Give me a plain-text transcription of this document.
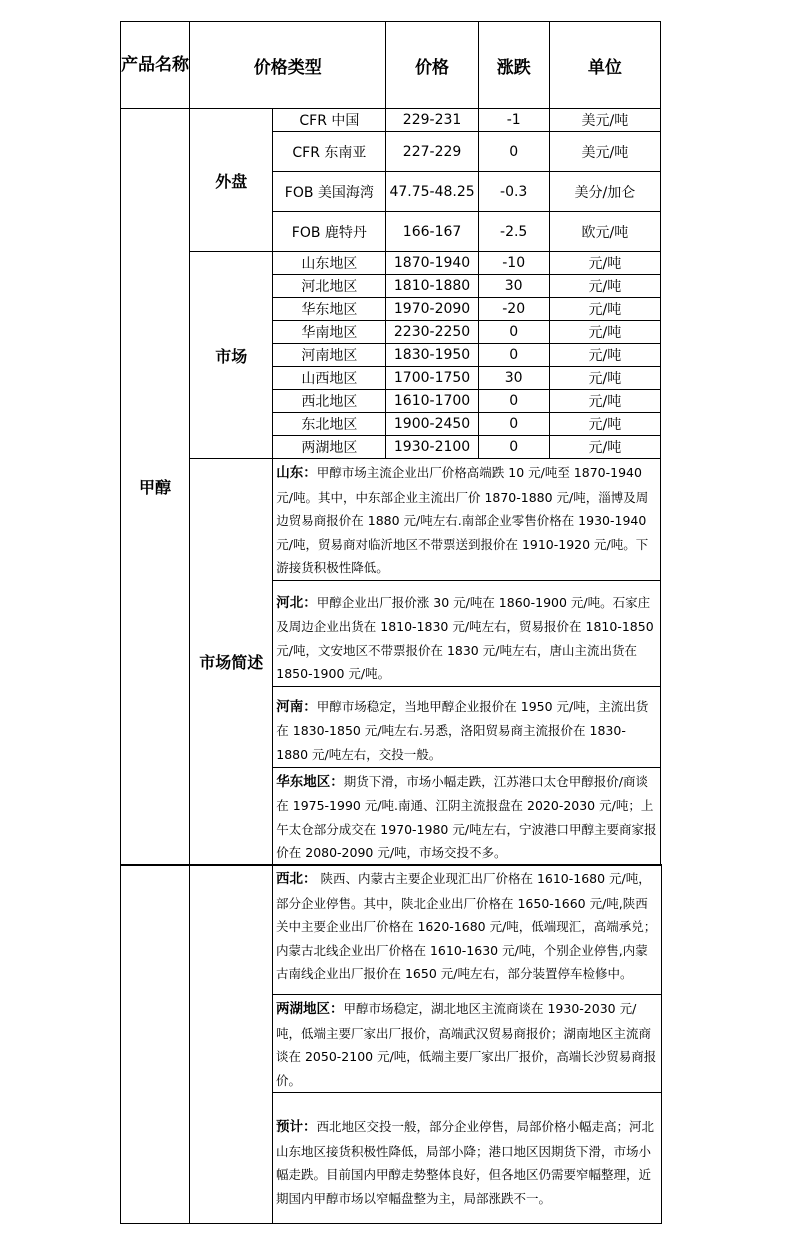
产品名称	价格类型		价格	涨跌	单位
甲醇	外盘	CFR 中国	229-231	-1	美元/吨
		CFR 东南亚	227-229	0	美元/吨
		FOB 美国海湾	47.75-48.25	-0.3	美分/加仑
		FOB 鹿特丹	166-167	-2.5	欧元/吨
	市场	山东地区	1870-1940	-10	元/吨
		河北地区	1810-1880	30	元/吨
		华东地区	1970-2090	-20	元/吨
		华南地区	2230-2250	0	元/吨
		河南地区	1830-1950	0	元/吨
		山西地区	1700-1750	30	元/吨
		西北地区	1610-1700	0	元/吨
		东北地区	1900-2450	0	元/吨
		两湖地区	1930-2100	0	元/吨
	市场简述	山东：甲醇市场主流企业出厂价格高端跌 10 元/吨至 1870-1940 元/吨。其中，中东部企业主流出厂价 1870-1880 元/吨，淄博及周边贸易商报价在 1880 元/吨左右.南部企业零售价格在 1930-1940 元/吨，贸易商对临沂地区不带票送到报价在 1910-1920 元/吨。下游接货积极性降低。			
		河北：甲醇企业出厂报价涨 30 元/吨在 1860-1900 元/吨。石家庄及周边企业出货在 1810-1830 元/吨左右，贸易报价在 1810-1850 元/吨，文安地区不带票报价在 1830 元/吨左右，唐山主流出货在 1850-1900 元/吨。			
		河南：甲醇市场稳定，当地甲醇企业报价在 1950 元/吨，主流出货在 1830-1850 元/吨左右.另悉，洛阳贸易商主流报价在 1830-1880 元/吨左右，交投一般。			
		华东地区：期货下滑，市场小幅走跌，江苏港口太仓甲醇报价/商谈在 1975-1990 元/吨.南通、江阴主流报盘在 2020-2030 元/吨；上午太仓部分成交在 1970-1980 元/吨左右，宁波港口甲醇主要商家报价在 2080-2090 元/吨，市场交投不多。			
		西北： 陕西、内蒙古主要企业现汇出厂价格在 1610-1680 元/吨，部分企业停售。其中，陕北企业出厂价格在 1650-1660 元/吨,陕西关中主要企业出厂价格在 1620-1680 元/吨，低端现汇，高端承兑；内蒙古北线企业出厂价格在 1610-1630 元/吨，个别企业停售,内蒙古南线企业出厂报价在 1650 元/吨左右，部分装置停车检修中。
两湖地区：甲醇市场稳定，湖北地区主流商谈在 1930-2030 元/吨，低端主要厂家出厂报价，高端武汉贸易商报价；湖南地区主流商谈在 2050-2100 元/吨，低端主要厂家出厂报价，高端长沙贸易商报价。
预计：西北地区交投一般，部分企业停售，局部价格小幅走高；河北山东地区接货积极性降低，局部小降；港口地区因期货下滑，市场小幅走跌。目前国内甲醇走势整体良好，但各地区仍需要窄幅整理，近期国内甲醇市场以窄幅盘整为主，局部涨跌不一。
